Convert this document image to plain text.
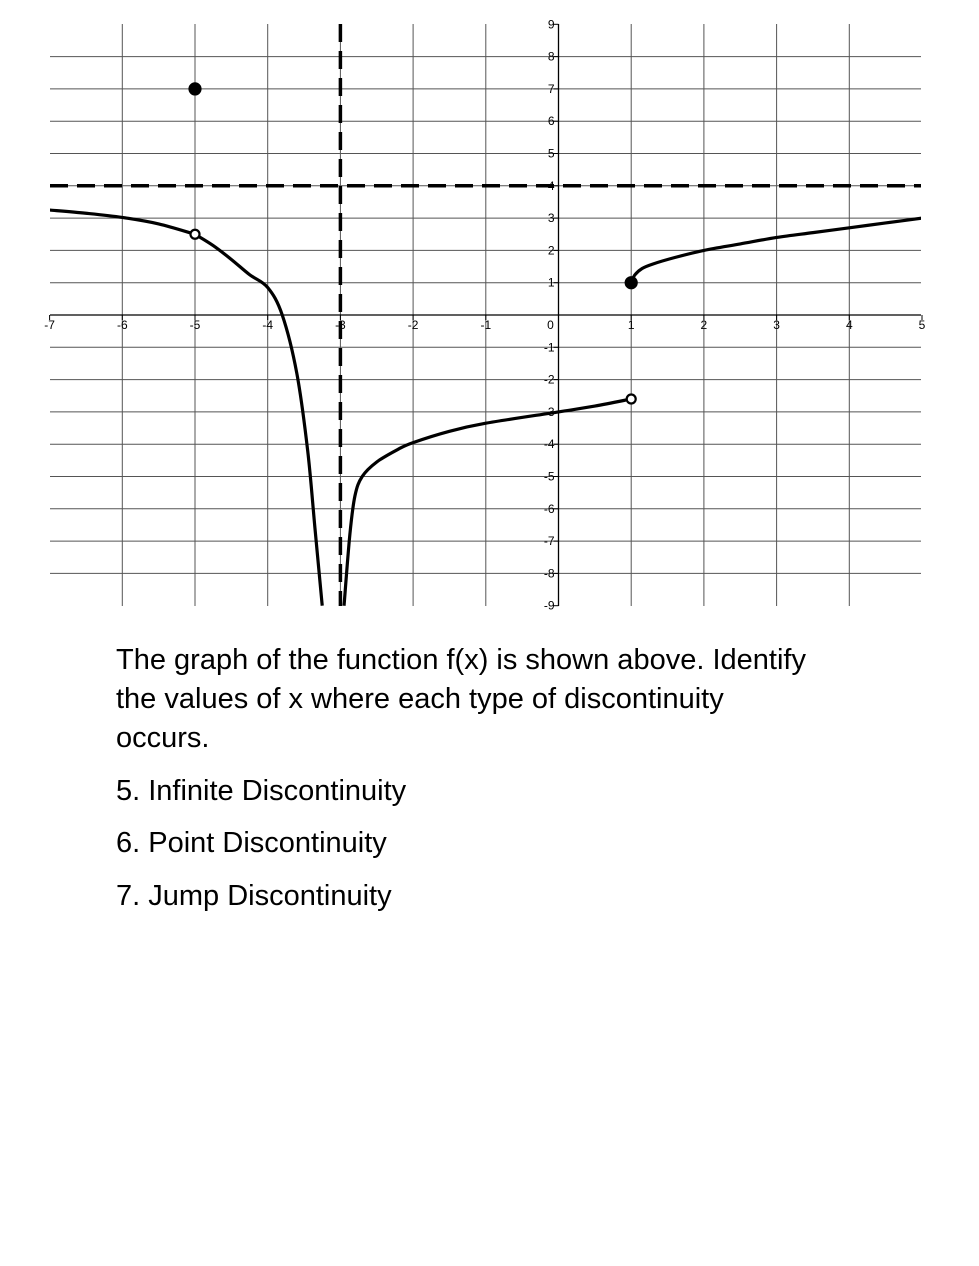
-7	-6	-5	-4	-3	-2	-1	0	1	2	3	4	5
9
8
7
6
5
4
3
2
1
-1
-2
-3
-4
-5
-6
-7
-8
-9

The graph of the function f(x) is shown above. Identify the values of x where each type of discontinuity occurs.

5. Infinite Discontinuity

6. Point Discontinuity

7. Jump Discontinuity
